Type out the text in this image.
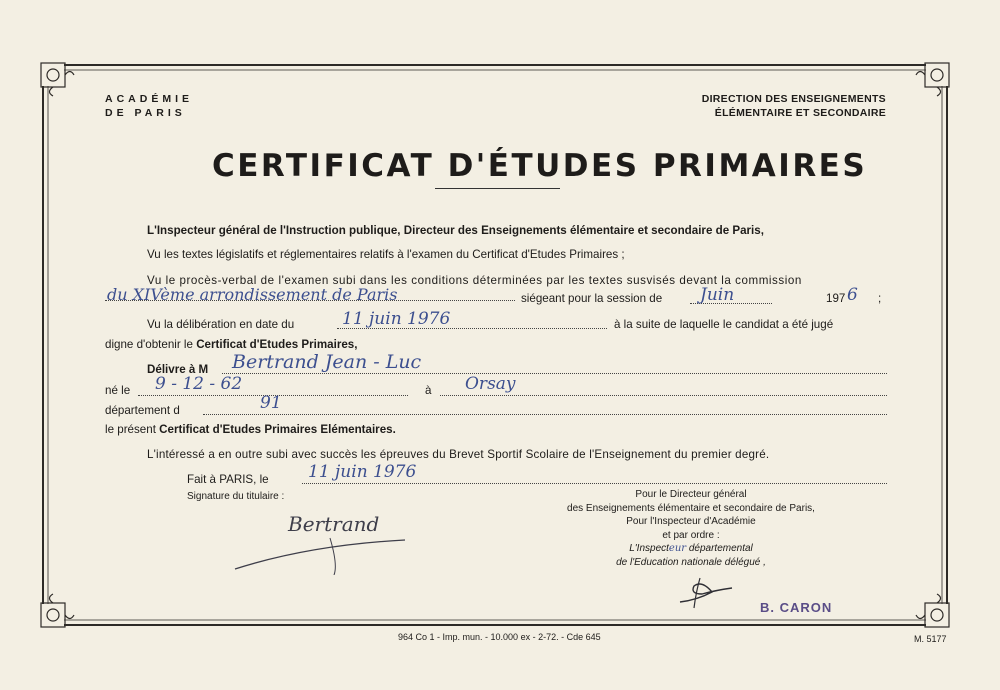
ACADÉMIE
DE PARIS
DIRECTION DES ENSEIGNEMENTS
ÉLÉMENTAIRE ET SECONDAIRE
CERTIFICAT D'ÉTUDES PRIMAIRES
L'Inspecteur général de l'Instruction publique, Directeur des Enseignements élémentaire et secondaire de Paris,
Vu les textes législatifs et réglementaires relatifs à l'examen du Certificat d'Etudes Primaires ;
Vu le procès-verbal de l'examen subi dans les conditions déterminées par les textes susvisés devant la commission
du XIVème arrondissement de Paris	siégeant pour la session de Juin	197 6 ;
Vu la délibération en date du	11 juin 1976	à la suite de laquelle le candidat a été jugé
digne d'obtenir le Certificat d'Etudes Primaires,
Délivre à M Bertrand Jean - Luc
né le 9 - 12 - 62	à Orsay
département d	91
le présent Certificat d'Etudes Primaires Elémentaires.
L'intéressé a en outre subi avec succès les épreuves du Brevet Sportif Scolaire de l'Enseignement du premier degré.
Fait à PARIS, le 11 juin 1976
Signature du titulaire :
Bertrand
Pour le Directeur général
des Enseignements élémentaire et secondaire de Paris,
Pour l'Inspecteur d'Académie
et par ordre :
L'Inspecteur départemental
de l'Education nationale délégué ,
B. CARON
964 Co 1 - Imp. mun. - 10.000 ex - 2-72. - Cde 645	M. 5177
